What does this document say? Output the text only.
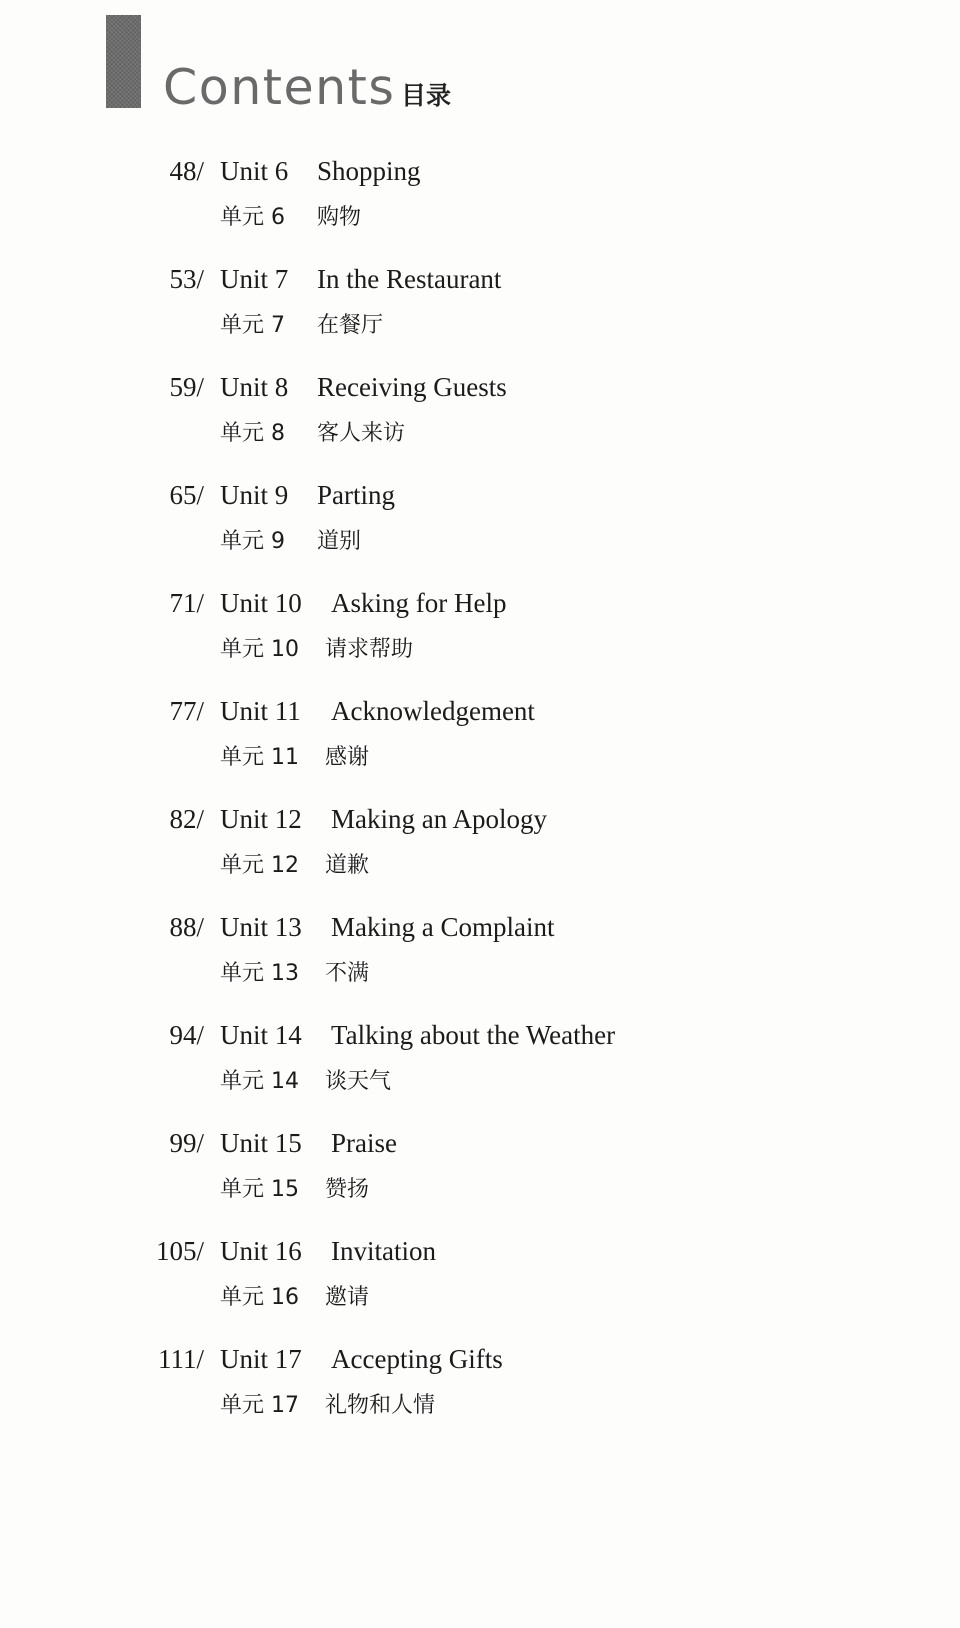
Contents 目录
48/ Unit 6 Shopping
单元 6 购物
53/ Unit 7 In the Restaurant
单元 7 在餐厅
59/ Unit 8 Receiving Guests
单元 8 客人来访
65/ Unit 9 Parting
单元 9 道别
71/ Unit 10 Asking for Help
单元 10 请求帮助
77/ Unit 11 Acknowledgement
单元 11 感谢
82/ Unit 12 Making an Apology
单元 12 道歉
88/ Unit 13 Making a Complaint
单元 13 不满
94/ Unit 14 Talking about the Weather
单元 14 谈天气
99/ Unit 15 Praise
单元 15 赞扬
105/ Unit 16 Invitation
单元 16 邀请
111/ Unit 17 Accepting Gifts
单元 17 礼物和人情
